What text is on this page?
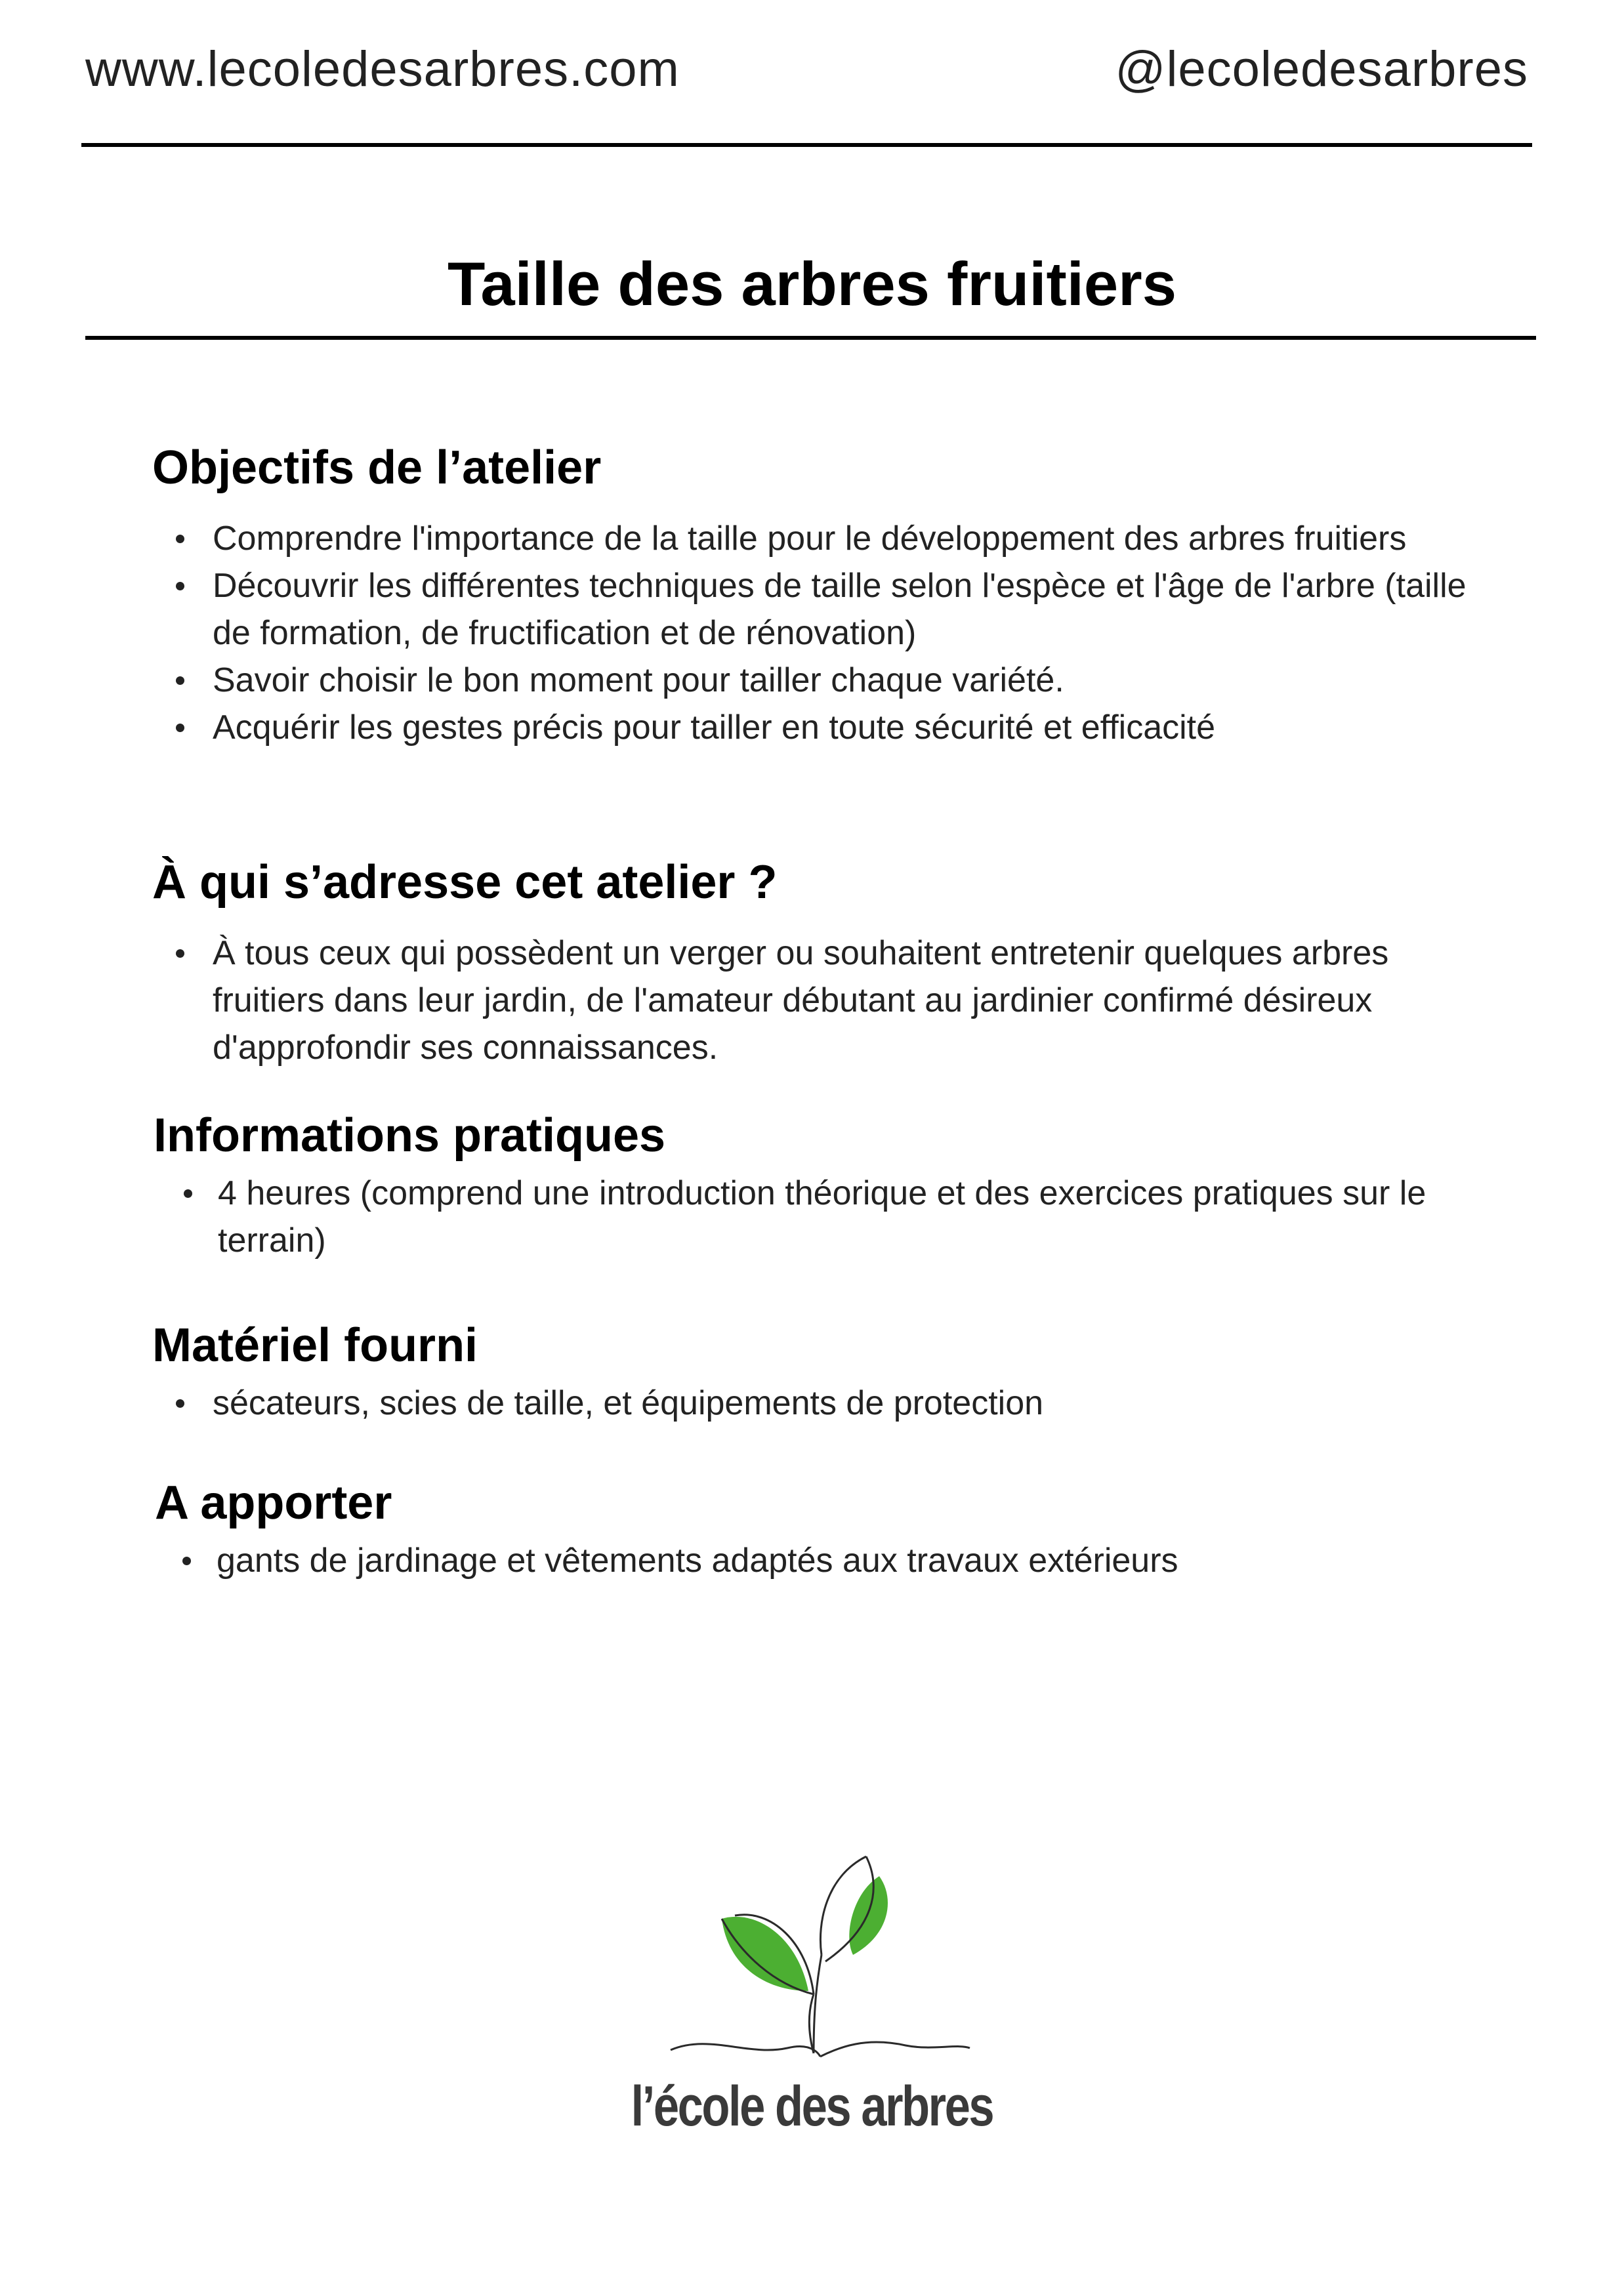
www.lecoledesarbres.com	@lecoledesarbres
Taille des arbres fruitiers
Objectifs de l’atelier
Comprendre l'importance de la taille pour le développement des arbres fruitiers
Découvrir les différentes techniques de taille selon l'espèce et l'âge de l'arbre (taille de formation, de fructification et de rénovation)
Savoir choisir le bon moment pour tailler chaque variété.
Acquérir les gestes précis pour tailler en toute sécurité et efficacité
À qui s’adresse cet atelier ?
À tous ceux qui possèdent un verger ou souhaitent entretenir quelques arbres fruitiers dans leur jardin, de l'amateur débutant au jardinier confirmé désireux d'approfondir ses connaissances.
Informations pratiques
4 heures (comprend une introduction théorique et des exercices pratiques sur le terrain)
Matériel fourni
sécateurs, scies de taille, et équipements de protection
A apporter
gants de jardinage et vêtements adaptés aux travaux extérieurs
l’école des arbres
